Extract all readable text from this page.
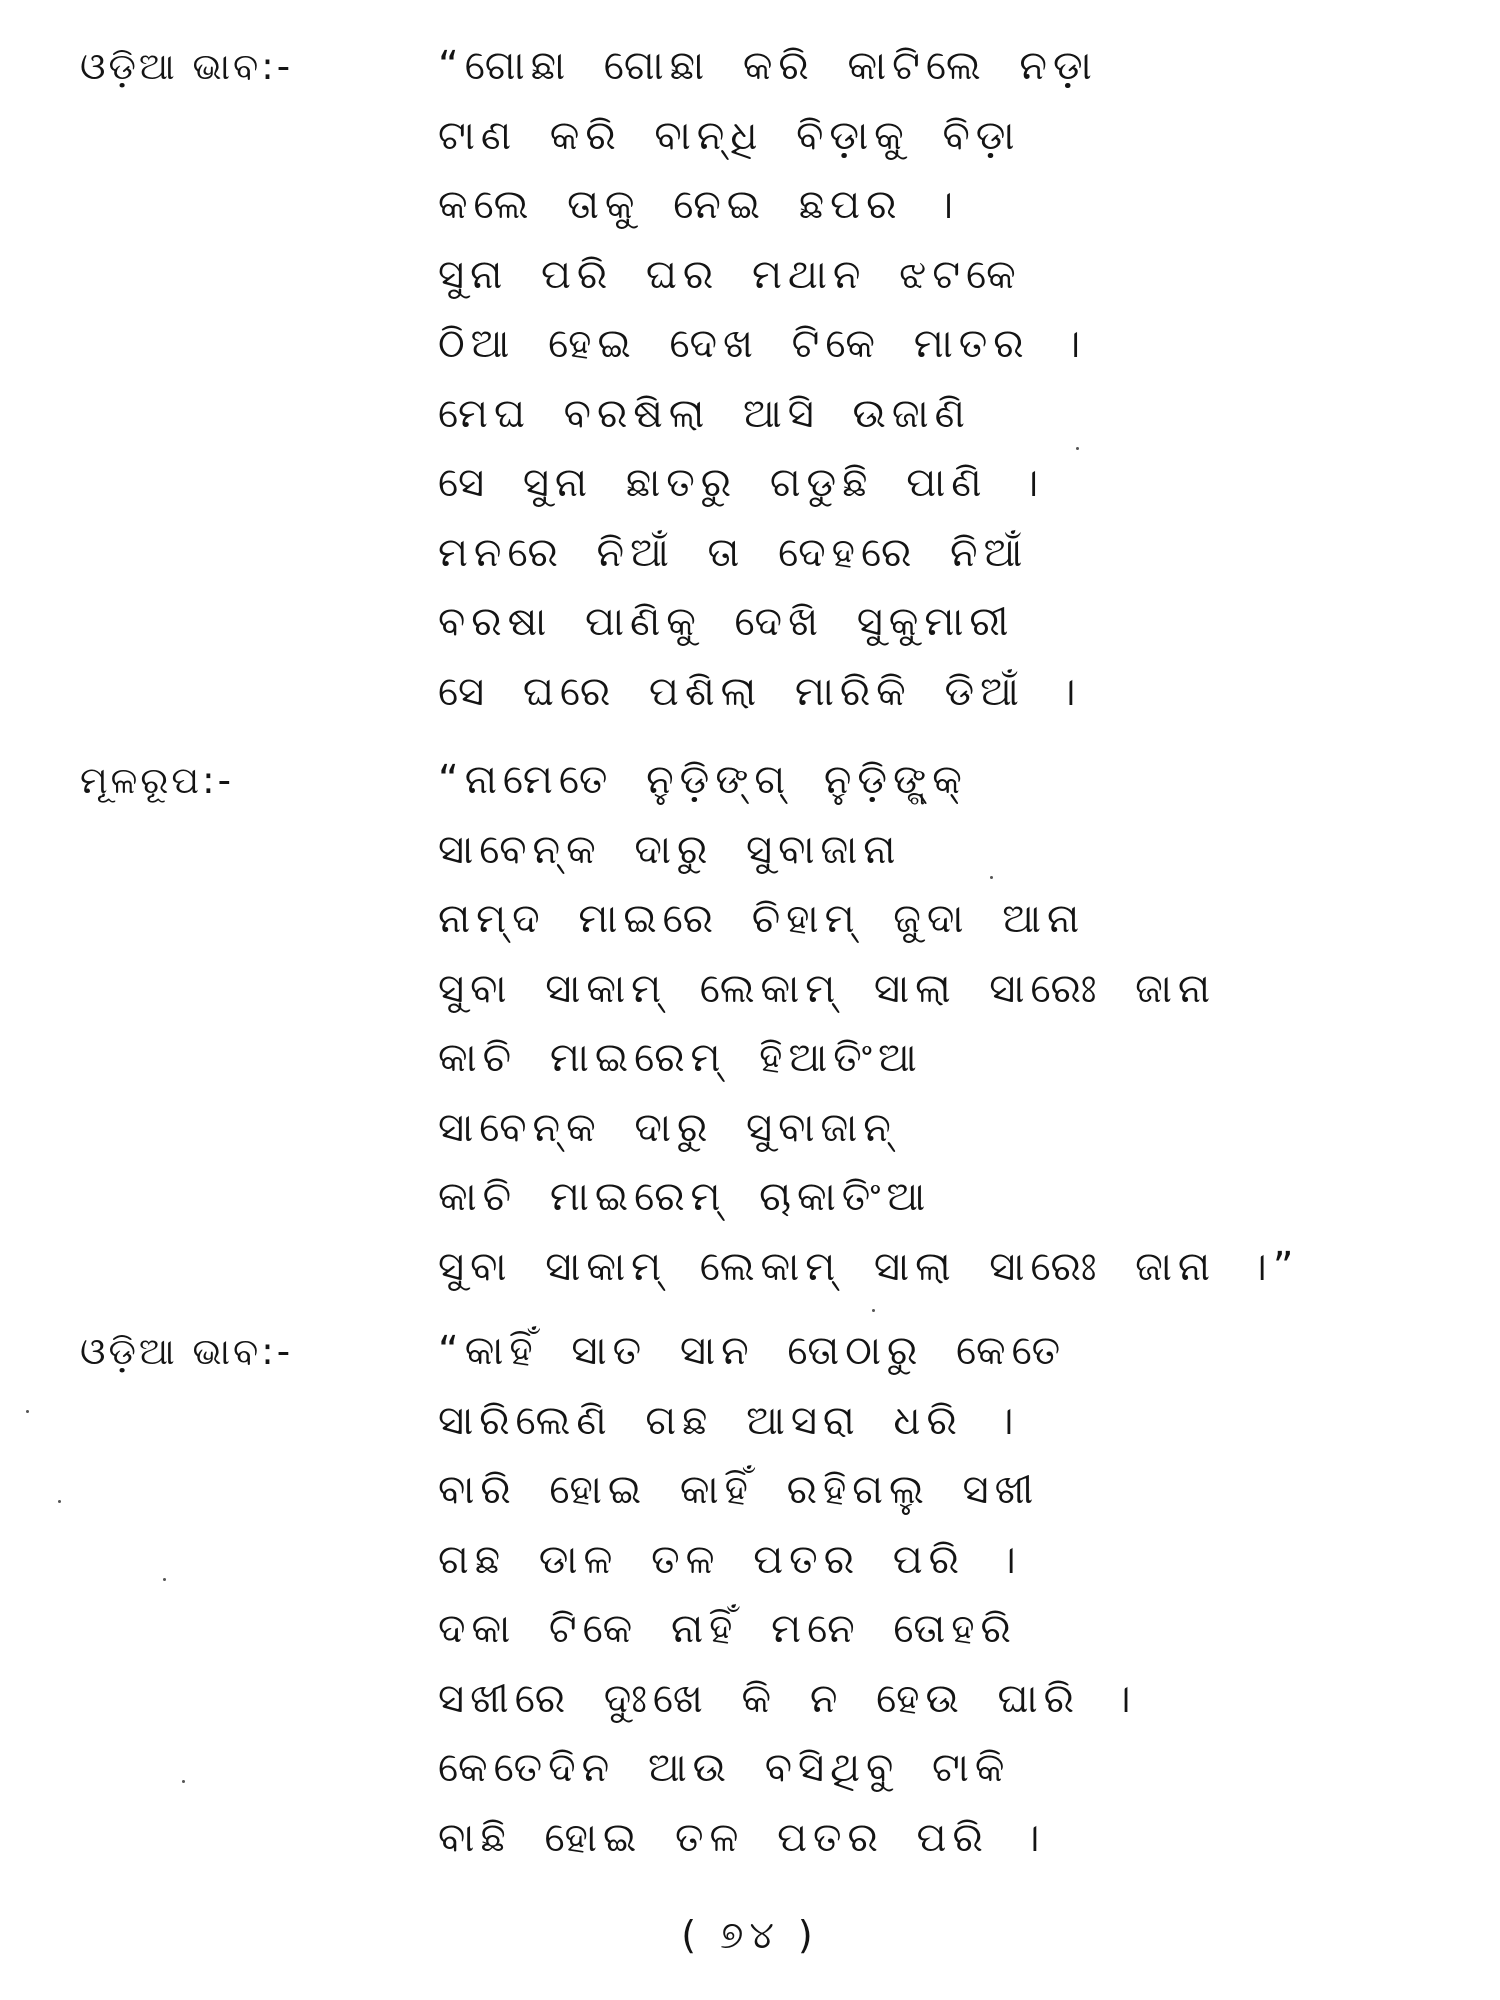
ଓଡ଼ିଆ ଭାବ:-	“ଗୋଛା ଗୋଛା କରି କାଟିଲେ ନଡ଼ା
ଟାଣ କରି ବାନ୍ଧି ବିଡ଼ାକୁ ବିଡ଼ା
କଲେ ତାକୁ ନେଇ ଛପର ।
ସୁନା ପରି ଘର ମଥାନ ଝଟକେ
ଠିଆ ହେଇ ଦେଖ ଟିକେ ମାତର ।
ମେଘ ବରଷିଲା ଆସି ଉଜାଣି
ସେ ସୁନା ଛାତରୁ ଗଡୁଛି ପାଣି ।
ମନରେ ନିଆଁ ତା ଦେହରେ ନିଆଁ
ବରଷା ପାଣିକୁ ଦେଖି ସୁକୁମାରୀ
ସେ ଘରେ ପଶିଲା ମାରିକି ଡିଆଁ ।
ମୂଳରୂପ:-	“ନାମେତେ ନୁଡ଼ିଙ୍ଗ୍ ନୁଡ଼ିଙ୍ଗ୍କ୍
ସାବେନ୍କ ଦାରୁ ସୁବାଜାନା
ନାମ୍‌ଦ ମାଇରେ ଚିହାମ୍ ଜୁଦା ଆନା
ସୁବା ସାକାମ୍ ଲେକାମ୍ ସାଲା ସାରେଃ ଜାନା
କାଚି ମାଇରେମ୍ ହିଆତିଂଆ
ସାବେନ୍କ ଦାରୁ ସୁବାଜାନ୍
କାଚି ମାଇରେମ୍ ଚାକାତିଂଆ
ସୁବା ସାକାମ୍ ଲେକାମ୍ ସାଲା ସାରେଃ ଜାନା ।”
ଓଡ଼ିଆ ଭାବ:-	“କାହିଁ ସାତ ସାନ ତୋଠାରୁ କେତେ
ସାରିଲେଣି ଗଛ ଆସରା ଧରି ।
ବାରି ହୋଇ କାହିଁ ରହିଗଲୁ ସଖୀ
ଗଛ ଡାଳ ତଳ ପତର ପରି ।
ଦକା ଟିକେ ନାହିଁ ମନେ ତୋହରି
ସଖୀରେ ଦୁଃଖେ କି ନ ହେଉ ଘାରି ।
କେତେଦିନ ଆଉ ବସିଥିବୁ ଟାକି
ବାଛି ହୋଇ ତଳ ପତର ପରି ।
( ୭୪ )
